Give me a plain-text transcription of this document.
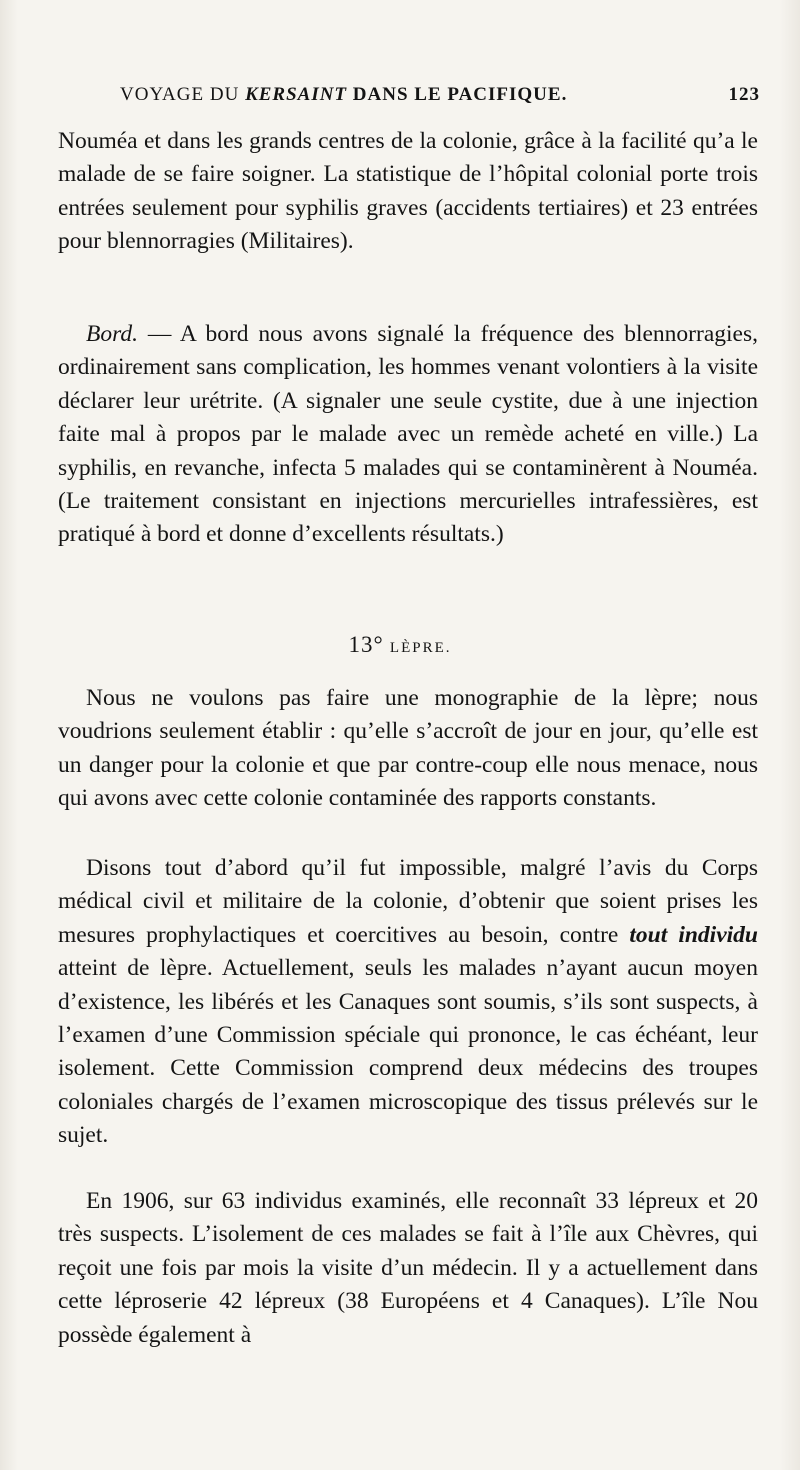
VOYAGE DU KERSAINT DANS LE PACIFIQUE.	123

Nouméa et dans les grands centres de la colonie, grâce à la facilité qu’a le malade de se faire soigner. La statistique de l’hôpital colonial porte trois entrées seulement pour syphilis graves (accidents tertiaires) et 23 entrées pour blennorragies (Militaires).

Bord. — A bord nous avons signalé la fréquence des blennorragies, ordinairement sans complication, les hommes venant volontiers à la visite déclarer leur urétrite. (A signaler une seule cystite, due à une injection faite mal à propos par le malade avec un remède acheté en ville.) La syphilis, en revanche, infecta 5 malades qui se contaminèrent à Nouméa. (Le traitement consistant en injections mercurielles intrafessières, est pratiqué à bord et donne d’excellents résultats.)

13° LÈPRE.

Nous ne voulons pas faire une monographie de la lèpre; nous voudrions seulement établir : qu’elle s’accroît de jour en jour, qu’elle est un danger pour la colonie et que par contre-coup elle nous menace, nous qui avons avec cette colonie contaminée des rapports constants.

Disons tout d’abord qu’il fut impossible, malgré l’avis du Corps médical civil et militaire de la colonie, d’obtenir que soient prises les mesures prophylactiques et coercitives au besoin, contre tout individu atteint de lèpre. Actuellement, seuls les malades n’ayant aucun moyen d’existence, les libérés et les Canaques sont soumis, s’ils sont suspects, à l’examen d’une Commission spéciale qui prononce, le cas échéant, leur isolement. Cette Commission comprend deux médecins des troupes coloniales chargés de l’examen microscopique des tissus prélevés sur le sujet.

En 1906, sur 63 individus examinés, elle reconnaît 33 lépreux et 20 très suspects. L’isolement de ces malades se fait à l’île aux Chèvres, qui reçoit une fois par mois la visite d’un médecin. Il y a actuellement dans cette léproserie 42 lépreux (38 Européens et 4 Canaques). L’île Nou possède également à
